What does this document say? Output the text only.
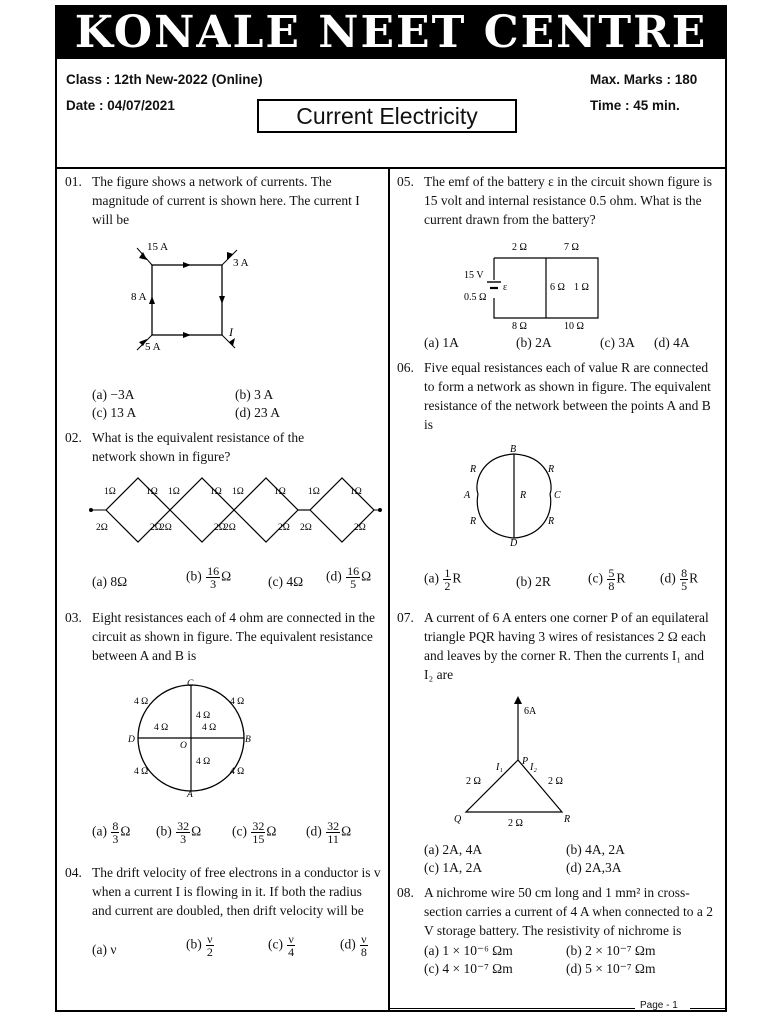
KONALE NEET CENTRE
Class : 12th New-2022 (Online)	Max. Marks : 180
Date : 04/07/2021	Time : 45 min.
Current Electricity
01. The figure shows a network of currents. The magnitude of current is shown here. The current I will be
15 A
3 A
8 A
5 A
I
(a) −3A	(b) 3 A
(c) 13 A	(d) 23 A
02. What is the equivalent resistance of the network shown in figure?
1Ω	1Ω 1Ω	1Ω 1Ω	1Ω 1Ω	1Ω
2Ω	2Ω
2Ω	2Ω
2Ω	2Ω 2Ω	2Ω
(a) 8Ω	$(b) \frac{16}{3}$ Ω	(c) 4Ω $(d) \frac{16}{5}$ Ω
03. Eight resistances each of 4 ohm are connected in the circuit as shown in figure. The equivalent resistance between A and B is
C
A
D	B
O
4 Ω	4 Ω
4 Ω	4 Ω
4 Ω
4 Ω
4 Ω	4 Ω
$(a) \frac{8}{3}$ Ω $(b) \frac{32}{3}$ Ω $(c) \frac{32}{15}$ Ω $(d) \frac{32}{11}$ Ω
04. The drift velocity of free electrons in a conductor is v when a current I is flowing in it. If both the radius and current are doubled, then drift velocity will be
(a) ν	$(b) \frac{\nu}{2}$	$(c) \frac{\nu}{4}$	$(d) \frac{\nu}{8}$
05. The emf of the battery ε in the circuit shown figure is 15 volt and internal resistance 0.5 ohm. What is the current drawn from the battery?
2 Ω	7 Ω
15 V
0.5 Ω
ε	6 Ω 1 Ω
8 Ω	10 Ω
(a) 1A	(b) 2A	(c) 3A (d) 4A
06. Five equal resistances each of value R are connected to form a network as shown in figure. The equivalent resistance of the network between the points A and B is
B
D
A	C
R	R
R	R
R
$(a) \frac{1}{2}$ R	(b) 2R	$(c) \frac{5}{8}$ R	$(d) \frac{8}{5}$ R
07. A current of 6 A enters one corner P of an equilateral triangle PQR having 3 wires of resistances 2 Ω each and leaves by the corner R. Then the currents I₁ and I₂ are
6A
P
Q	R
2 Ω	2 Ω
2 Ω
I₁	I₂
(a) 2A, 4A	(b) 4A, 2A
(c) 1A, 2A	(d) 2A,3A
08. A nichrome wire 50 cm long and 1 mm² in cross-section carries a current of 4 A when connected to a 2 V storage battery. The resistivity of nichrome is
(a) 1 × 10⁻⁶ Ωm	(b) 2 × 10⁻⁷ Ωm
(c) 4 × 10⁻⁷ Ωm	(d) 5 × 10⁻⁷ Ωm
Page - 1
